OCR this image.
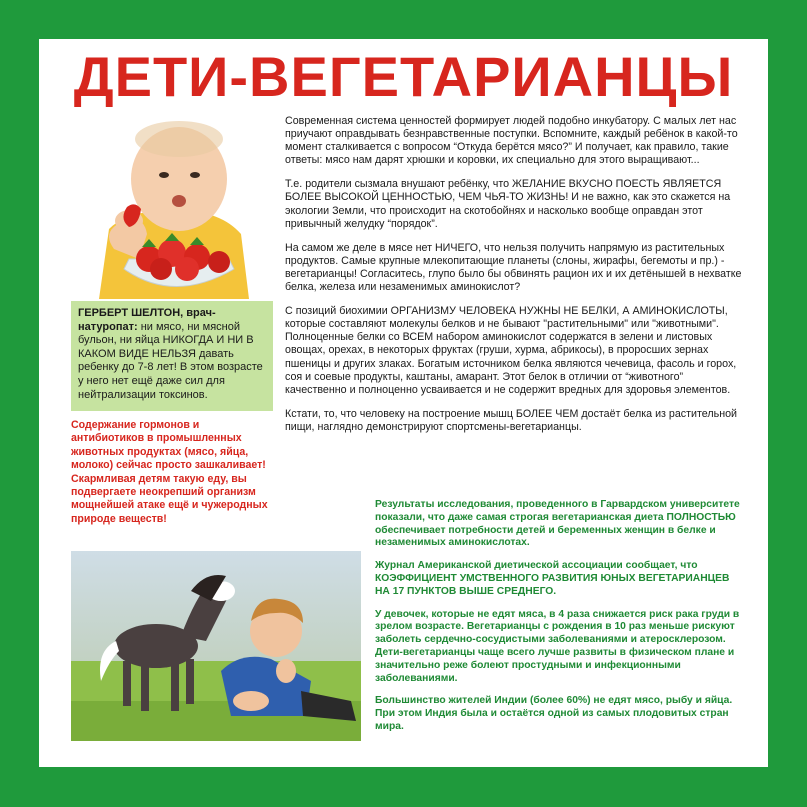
ДЕТИ-ВЕГЕТАРИАНЦЫ
ГЕРБЕРТ ШЕЛТОН, врач-натуропат: ни мясо, ни мясной бульон, ни яйца НИКОГДА И НИ В КАКОМ ВИДЕ НЕЛЬЗЯ давать ребенку до 7-8 лет! В этом возрасте у него нет ещё даже сил для нейтрализации токсинов.
Содержание гормонов и антибиотиков в промышленных животных продуктах (мясо, яйца, молоко) сейчас просто зашкаливает! Скармливая детям такую еду, вы подвергаете неокрепший организм мощнейшей атаке ещё и чужеродных природе веществ!

Современная система ценностей формирует людей подобно инкубатору. С малых лет нас приучают оправдывать безнравственные поступки. Вспомните, каждый ребёнок в какой-то момент сталкивается с вопросом “Откуда берётся мясо?” И получает, как правило, такие ответы: мясо нам дарят хрюшки и коровки, их специально для этого выращивают...

Т.е. родители сызмала внушают ребёнку, что ЖЕЛАНИЕ ВКУСНО ПОЕСТЬ ЯВЛЯЕТСЯ БОЛЕЕ ВЫСОКОЙ ЦЕННОСТЬЮ, ЧЕМ ЧЬЯ-ТО ЖИЗНЬ! И не важно, как это скажется на экологии Земли, что происходит на скотобойнях и насколько вообще оправдан этот привычный желудку “порядок”.

На самом же деле в мясе нет НИЧЕГО, что нельзя получить напрямую из растительных продуктов. Самые крупные млекопитающие планеты (слоны, жирафы, бегемоты и пр.) - вегетарианцы! Согласитесь, глупо было бы обвинять рацион их и их детёнышей в нехватке белка, железа или незаменимых аминокислот?

С позиций биохимии ОРГАНИЗМУ ЧЕЛОВЕКА НУЖНЫ НЕ БЕЛКИ, А АМИНОКИСЛОТЫ, которые составляют молекулы белков и не бывают "растительными" или "животными". Полноценные белки со ВСЕМ набором аминокислот содержатся в зелени и листовых овощах, орехах, в некоторых фруктах (груши, хурма, абрикосы), в проросших зернах пшеницы и других злаках. Богатым источником белка являются чечевица, фасоль и горох, соя и соевые продукты, каштаны, амарант. Этот белок в отличии от “животного” качественно и полноценно усваивается и не содержит вредных для здоровья элементов.

Кстати, то, что человеку на построение мышц БОЛЕЕ ЧЕМ достаёт белка из растительной пищи, наглядно демонстрируют спортсмены-вегетарианцы.

Результаты исследования, проведенного в Гарвардском университете показали, что даже самая строгая вегетарианская диета ПОЛНОСТЬЮ обеспечивает потребности детей и беременных женщин в белке и незаменимых аминокислотах.

Журнал Американской диетической ассоциации сообщает, что КОЭФФИЦИЕНТ УМСТВЕННОГО РАЗВИТИЯ ЮНЫХ ВЕГЕТАРИАНЦЕВ НА 17 ПУНКТОВ ВЫШЕ СРЕДНЕГО.

У девочек, которые не едят мяса, в 4 раза снижается риск рака груди в зрелом возрасте. Вегетарианцы с рождения в 10 раз меньше рискуют заболеть сердечно-сосудистыми заболеваниями и атеросклерозом. Дети-вегетарианцы чаще всего лучше развиты в физическом плане и значительно реже болеют простудными и инфекционными заболеваниями.

Большинство жителей Индии (более 60%) не едят мясо, рыбу и яйца. При этом Индия была и остаётся одной из самых плодовитых стран мира.
